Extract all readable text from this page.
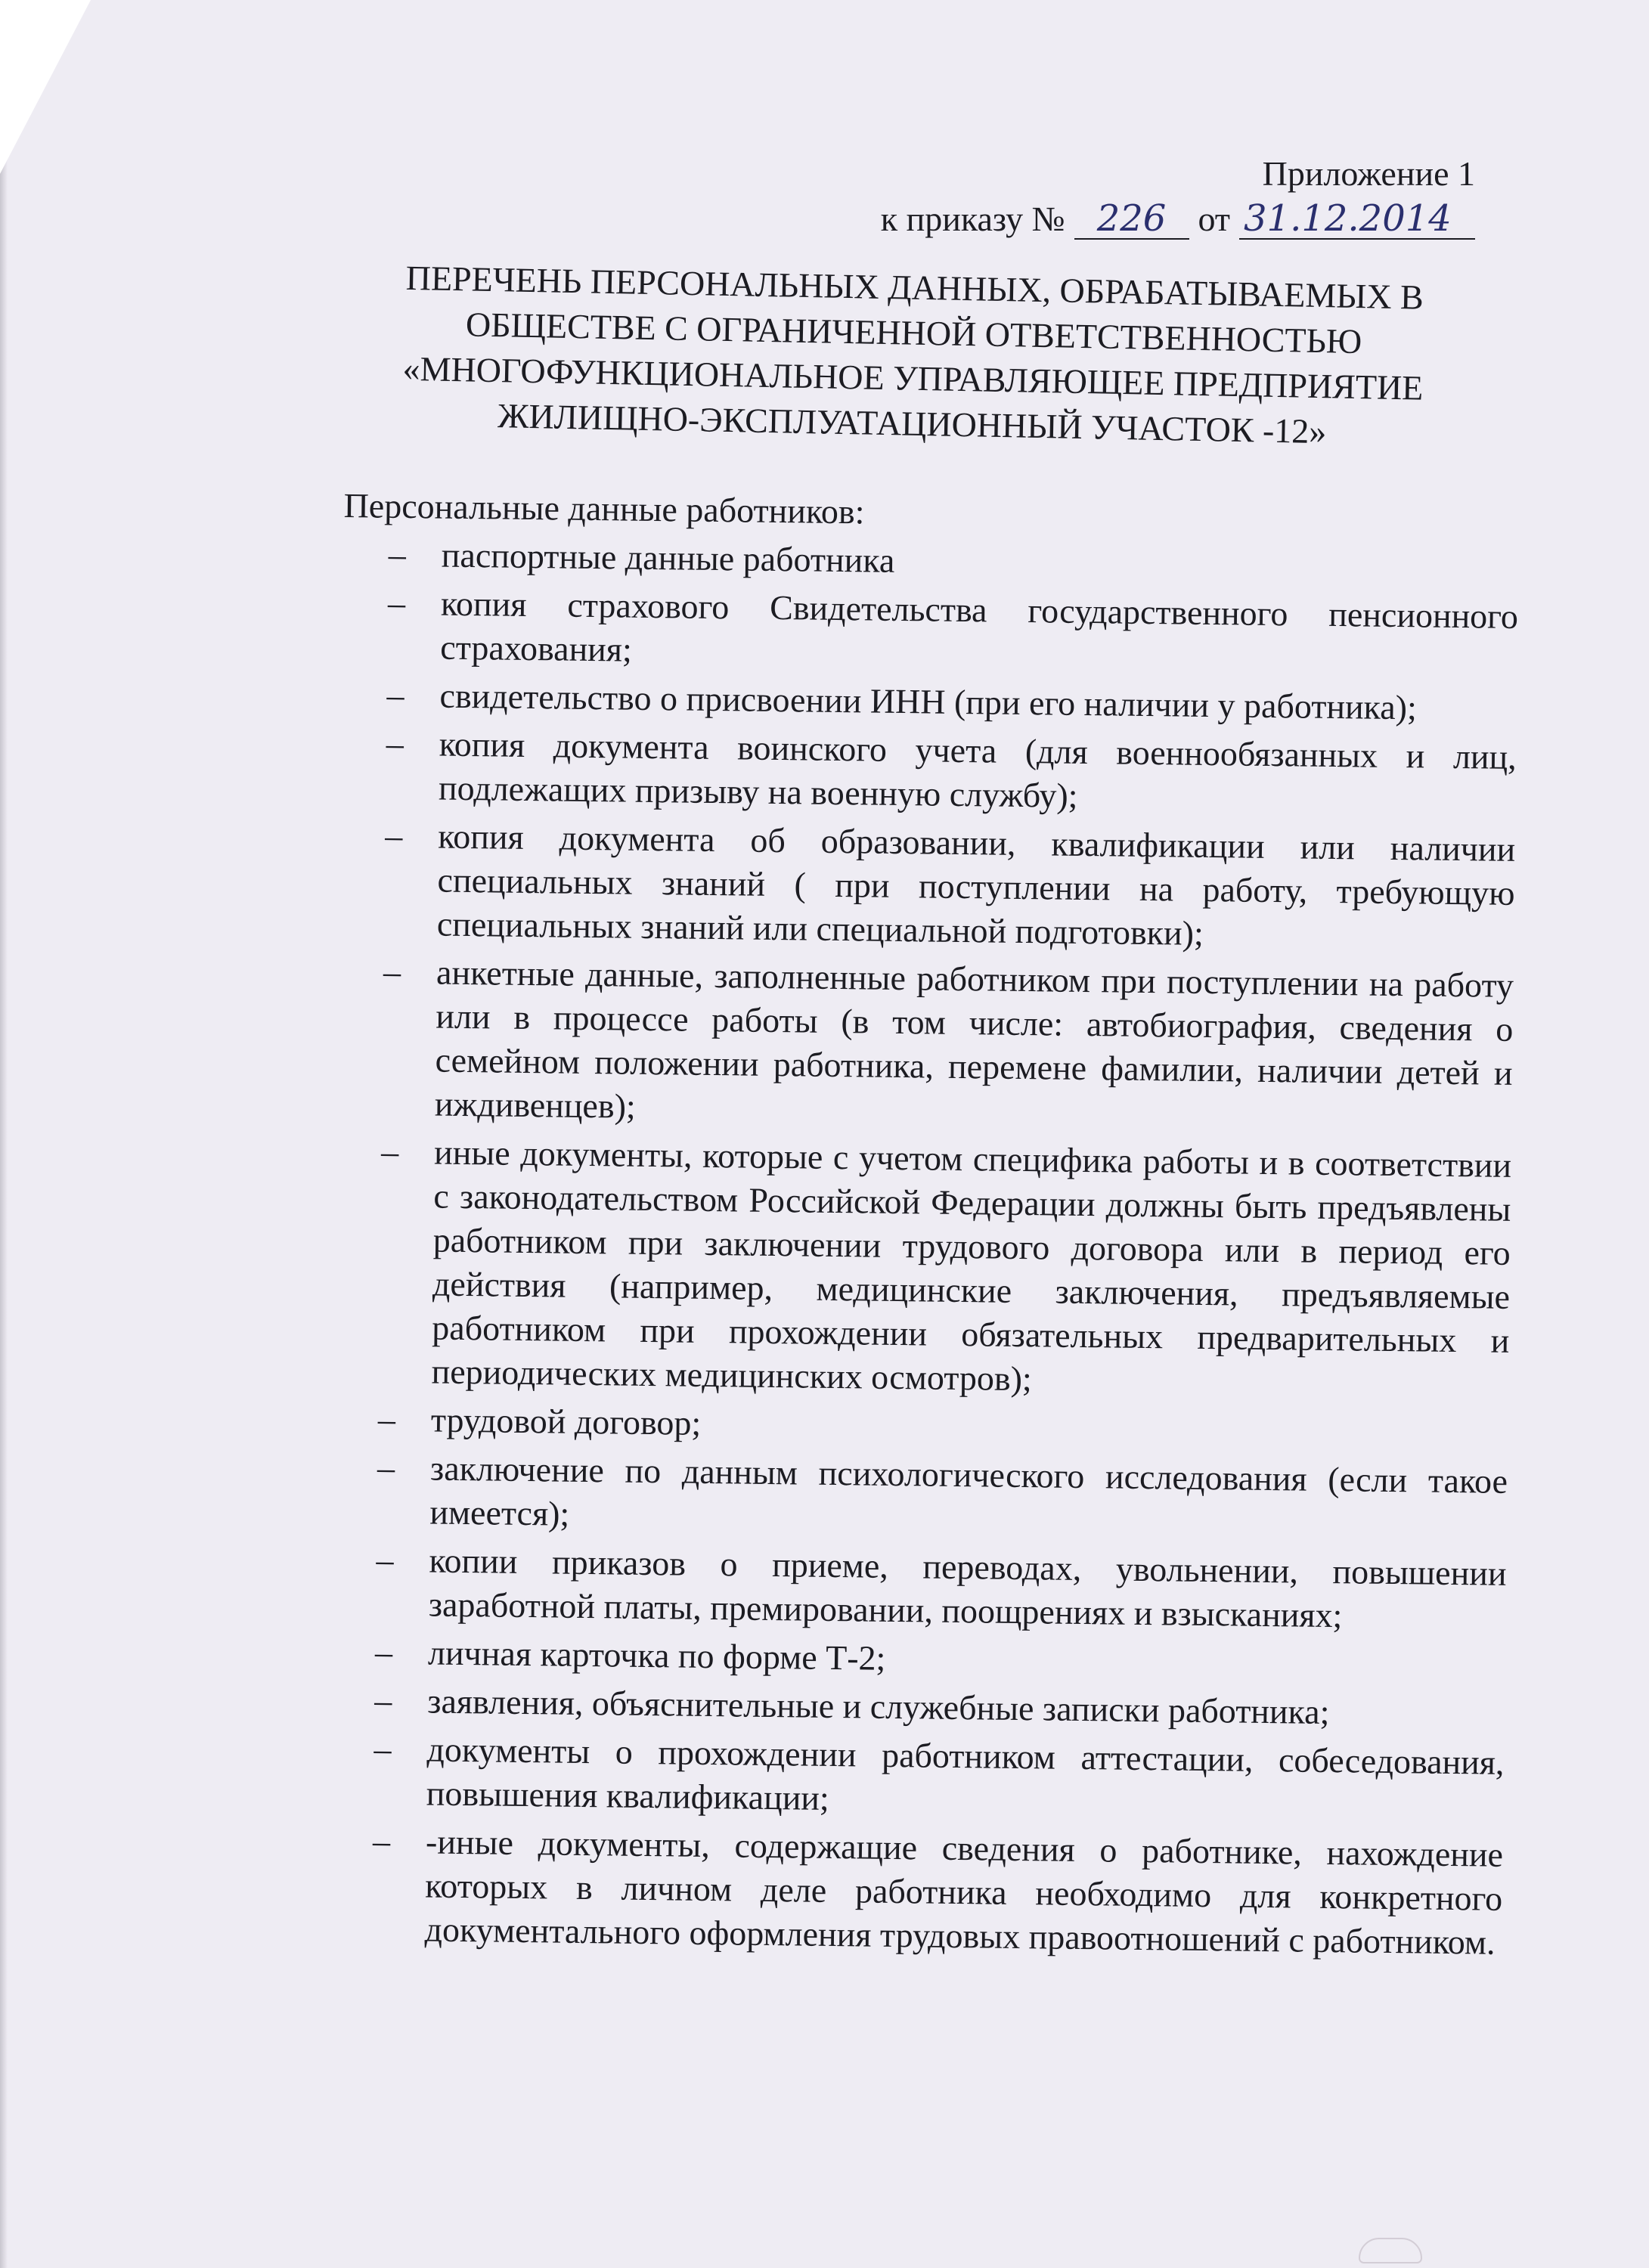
Приложение 1
к приказу № 226 от 31.12.2014
ПЕРЕЧЕНЬ ПЕРСОНАЛЬНЫХ ДАННЫХ, ОБРАБАТЫВАЕМЫХ В
ОБЩЕСТВЕ С ОГРАНИЧЕННОЙ ОТВЕТСТВЕННОСТЬЮ
«МНОГОФУНКЦИОНАЛЬНОЕ УПРАВЛЯЮЩЕЕ ПРЕДПРИЯТИЕ
ЖИЛИЩНО-ЭКСПЛУАТАЦИОННЫЙ УЧАСТОК -12»
Персональные данные работников:
– паспортные данные работника
– копия страхового Свидетельства государственного пенсионного страхования;
– свидетельство о присвоении ИНН (при его наличии у работника);
– копия документа воинского учета (для военнообязанных и лиц, подлежащих призыву на военную службу);
– копия документа об образовании, квалификации или наличии специальных знаний ( при поступлении на работу, требующую специальных знаний или специальной подготовки);
– анкетные данные, заполненные работником при поступлении на работу или в процессе работы (в том числе: автобиография, сведения о семейном положении работника, перемене фамилии, наличии детей и иждивенцев);
– иные документы, которые с учетом специфика работы и в соответствии с законодательством Российской Федерации должны быть предъявлены работником при заключении трудового договора или в период его действия (например, медицинские заключения, предъявляемые работником при прохождении обязательных предварительных и периодических медицинских осмотров);
– трудовой договор;
– заключение по данным психологического исследования (если такое имеется);
– копии приказов о приеме, переводах, увольнении, повышении заработной платы, премировании, поощрениях и взысканиях;
– личная карточка по форме Т-2;
– заявления, объяснительные и служебные записки работника;
– документы о прохождении работником аттестации, собеседования, повышения квалификации;
– -иные документы, содержащие сведения о работнике, нахождение которых в личном деле работника необходимо для конкретного документального оформления трудовых правоотношений с работником.
